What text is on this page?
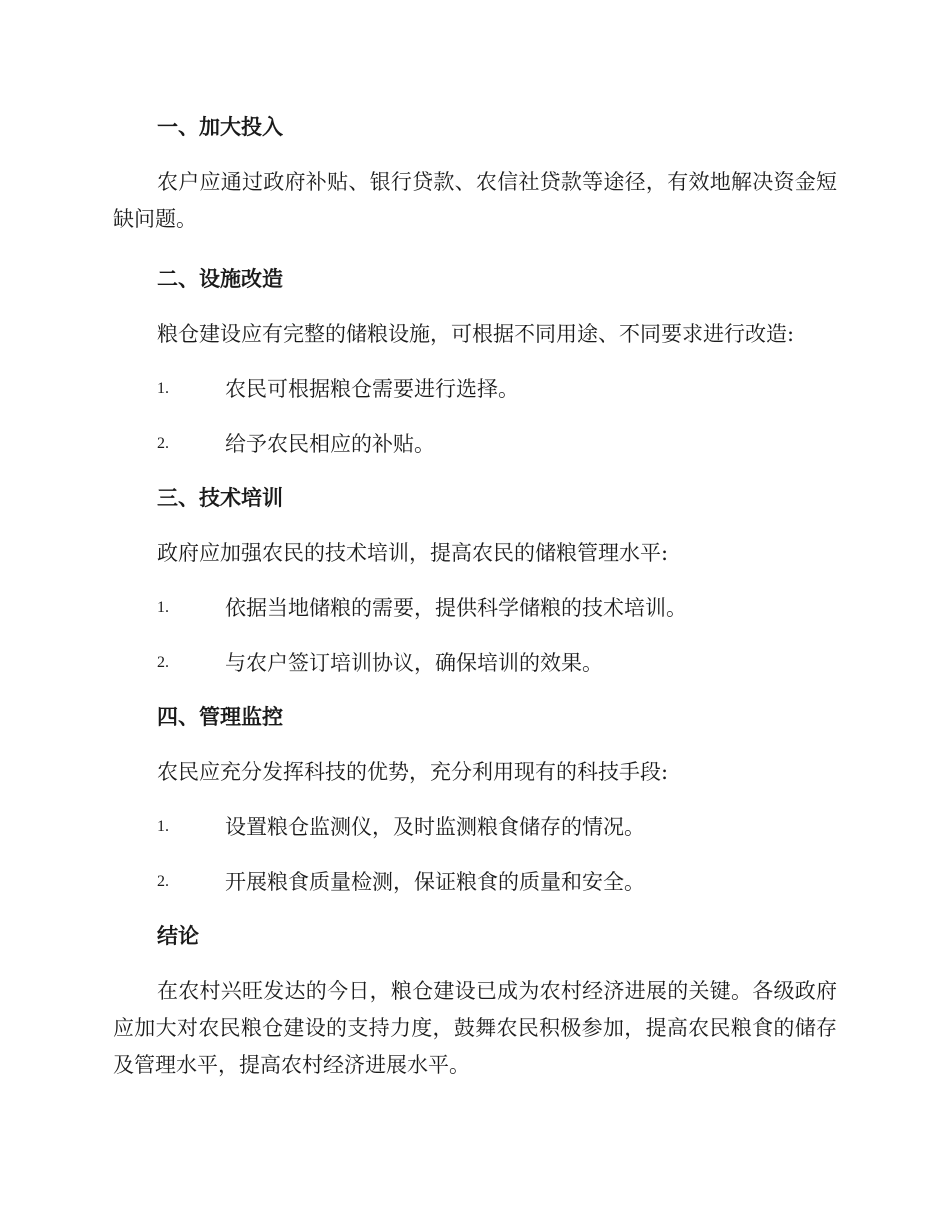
一、加大投入
农户应通过政府补贴、银行贷款、农信社贷款等途径，有效地解决资金短缺问题。
二、设施改造
粮仓建设应有完整的储粮设施，可根据不同用途、不同要求进行改造:
1.	农民可根据粮仓需要进行选择。
2.	给予农民相应的补贴。
三、技术培训
政府应加强农民的技术培训，提高农民的储粮管理水平:
1.	依据当地储粮的需要，提供科学储粮的技术培训。
2.	与农户签订培训协议，确保培训的效果。
四、管理监控
农民应充分发挥科技的优势，充分利用现有的科技手段:
1.	设置粮仓监测仪，及时监测粮食储存的情况。
2.	开展粮食质量检测，保证粮食的质量和安全。
结论
在农村兴旺发达的今日，粮仓建设已成为农村经济进展的关键。各级政府应加大对农民粮仓建设的支持力度，鼓舞农民积极参加，提高农民粮食的储存及管理水平，提高农村经济进展水平。
